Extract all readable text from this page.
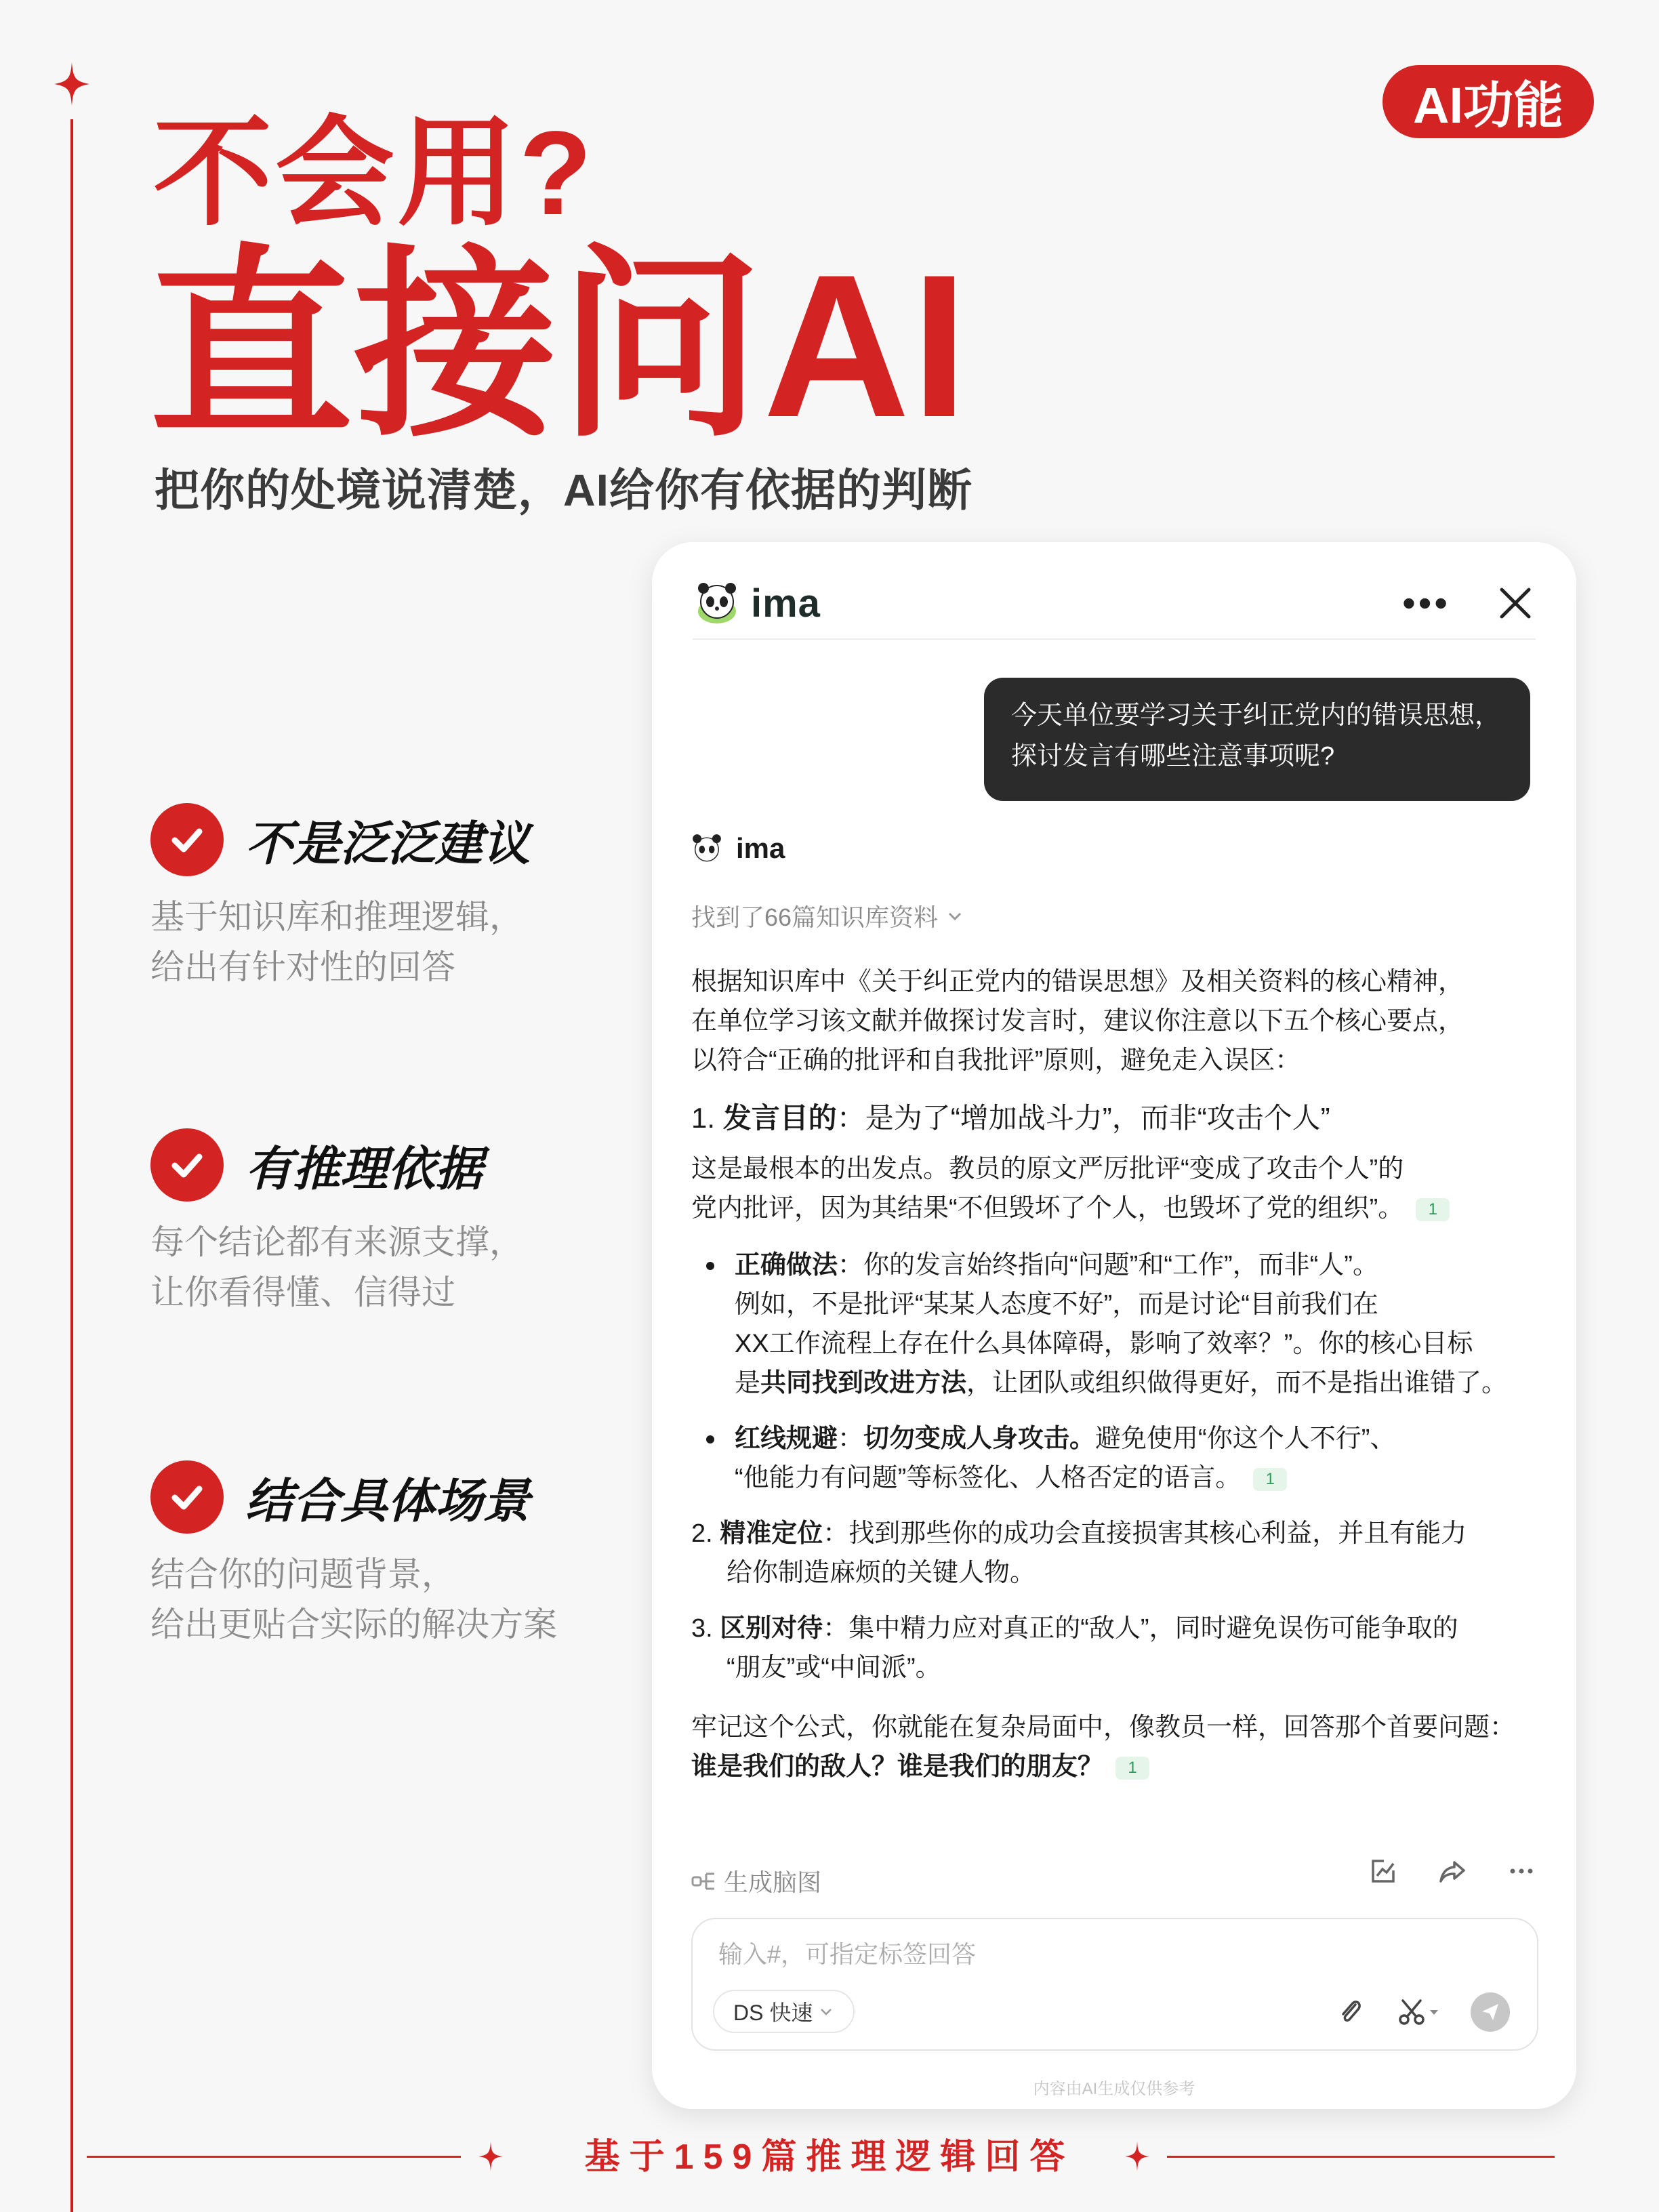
AI功能
不会用?
直接问AI
把你的处境说清楚，AI给你有依据的判断
不是泛泛建议
基于知识库和推理逻辑，
给出有针对性的回答
有推理依据
每个结论都有来源支撑，
让你看得懂、信得过
结合具体场景
结合你的问题背景，
给出更贴合实际的解决方案
ima	•••
今天单位要学习关于纠正党内的错误思想，
探讨发言有哪些注意事项呢?
ima
找到了66篇知识库资料
根据知识库中《关于纠正党内的错误思想》及相关资料的核心精神，
在单位学习该文献并做探讨发言时，建议你注意以下五个核心要点，
以符合“正确的批评和自我批评”原则，避免走入误区：
1. 发言目的：是为了“增加战斗力”，而非“攻击个人”
这是最根本的出发点。教员的原文严厉批评“变成了攻击个人”的
党内批评，因为其结果“不但毁坏了个人，也毁坏了党的组织”。 1
正确做法：你的发言始终指向“问题”和“工作”，而非“人”。
例如，不是批评“某某人态度不好”，而是讨论“目前我们在
XX工作流程上存在什么具体障碍，影响了效率？”。你的核心目标
是共同找到改进方法，让团队或组织做得更好，而不是指出谁错了。
红线规避：切勿变成人身攻击。避免使用“你这个人不行”、
“他能力有问题”等标签化、人格否定的语言。 1
2. 精准定位：找到那些你的成功会直接损害其核心利益，并且有能力
给你制造麻烦的关键人物。
3. 区别对待：集中精力应对真正的“敌人”，同时避免误伤可能争取的
“朋友”或“中间派”。
牢记这个公式，你就能在复杂局面中，像教员一样，回答那个首要问题：
谁是我们的敌人？谁是我们的朋友？ 1
生成脑图
输入#，可指定标签回答
DS 快速
内容由AI生成仅供参考
基于159篇推理逻辑回答
